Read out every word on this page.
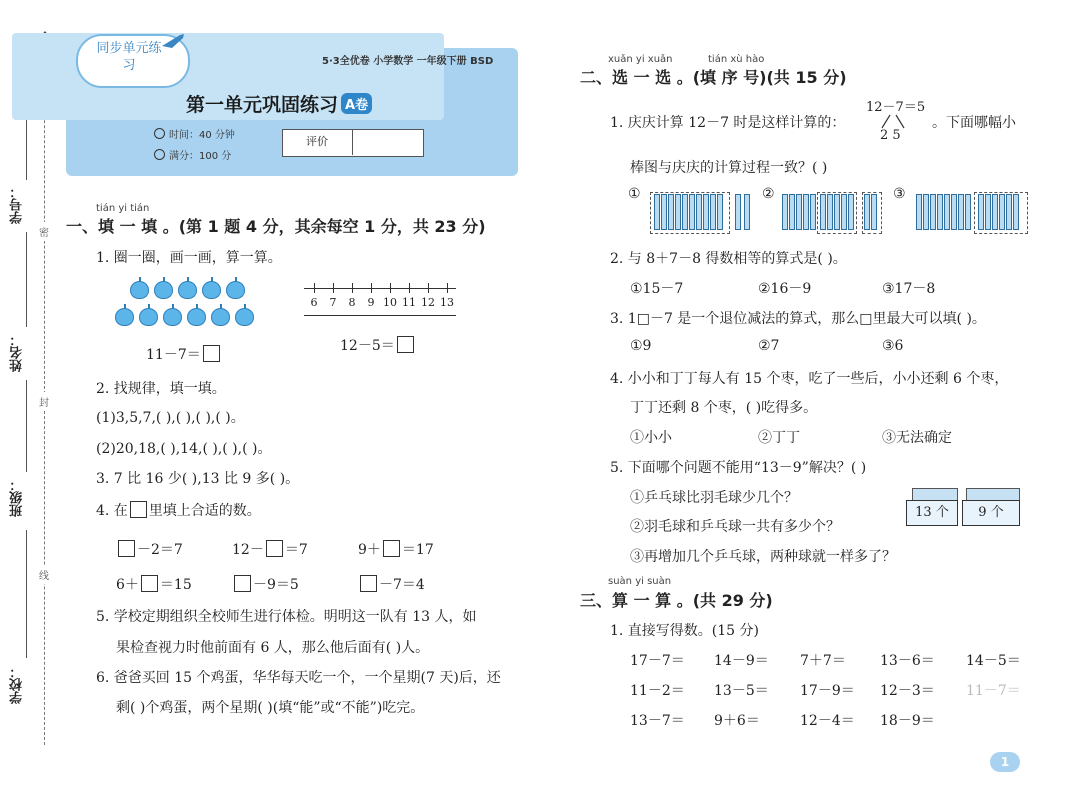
学号：
姓名：
班级：
学校：
密
封
线
同步单元练习	5·3全优卷 小学数学 一年级下册 BSD
第一单元巩固练习 A卷
时间：40 分钟
满分：100 分
评价
tián yi tián
一、填 一 填 。(第 1 题 4 分，其余每空 1 分，共 23 分)
1. 圈一圈，画一画，算一算。
11－7＝
6	7	8	9 10 11 12 13
12－5＝
2. 找规律，填一填。
(1)3,5,7,( ),( ),( ),( )。
(2)20,18,( ),14,( ),( ),( )。
3. 7 比 16 少( ),13 比 9 多( )。
4. 在 里填上合适的数。
－2＝7	12－ ＝7	9＋ ＝17
6＋ ＝15	－9＝5	－7＝4
5. 学校定期组织全校师生进行体检。明明这一队有 13 人，如
果检查视力时他前面有 6 人，那么他后面有( )人。
6. 爸爸买回 15 个鸡蛋，华华每天吃一个，一个星期(7 天)后，还
剩( )个鸡蛋，两个星期( )(填“能”或“不能”)吃完。
xuǎn yi xuǎn	tián xù hào
二、选 一 选 。(填 序 号)(共 15 分)
1. 庆庆计算 12－7 时是这样计算的：
12－7＝5
2 5
。下面哪幅小
棒图与庆庆的计算过程一致？( )
①	②	③
2. 与 8＋7－8 得数相等的算式是( )。
①15－7	②16－9	③17－8
3. 1□－7 是一个退位减法的算式，那么□里最大可以填( )。
①9	②7	③6
4. 小小和丁丁每人有 15 个枣，吃了一些后，小小还剩 6 个枣，
丁丁还剩 8 个枣，( )吃得多。
①小小	②丁丁	③无法确定
5. 下面哪个问题不能用“13－9”解决？( )
①乒乓球比羽毛球少几个？
②羽毛球和乒乓球一共有多少个？
③再增加几个乒乓球，两种球就一样多了？
13 个	9 个
suàn yi suàn
三、算 一 算 。(共 29 分)
1. 直接写得数。(15 分)
17－7＝ 14－9＝ 7＋7＝ 13－6＝ 14－5＝
11－2＝ 13－5＝ 17－9＝ 12－3＝ 11－7＝
13－7＝ 9＋6＝	12－4＝ 18－9＝
1
